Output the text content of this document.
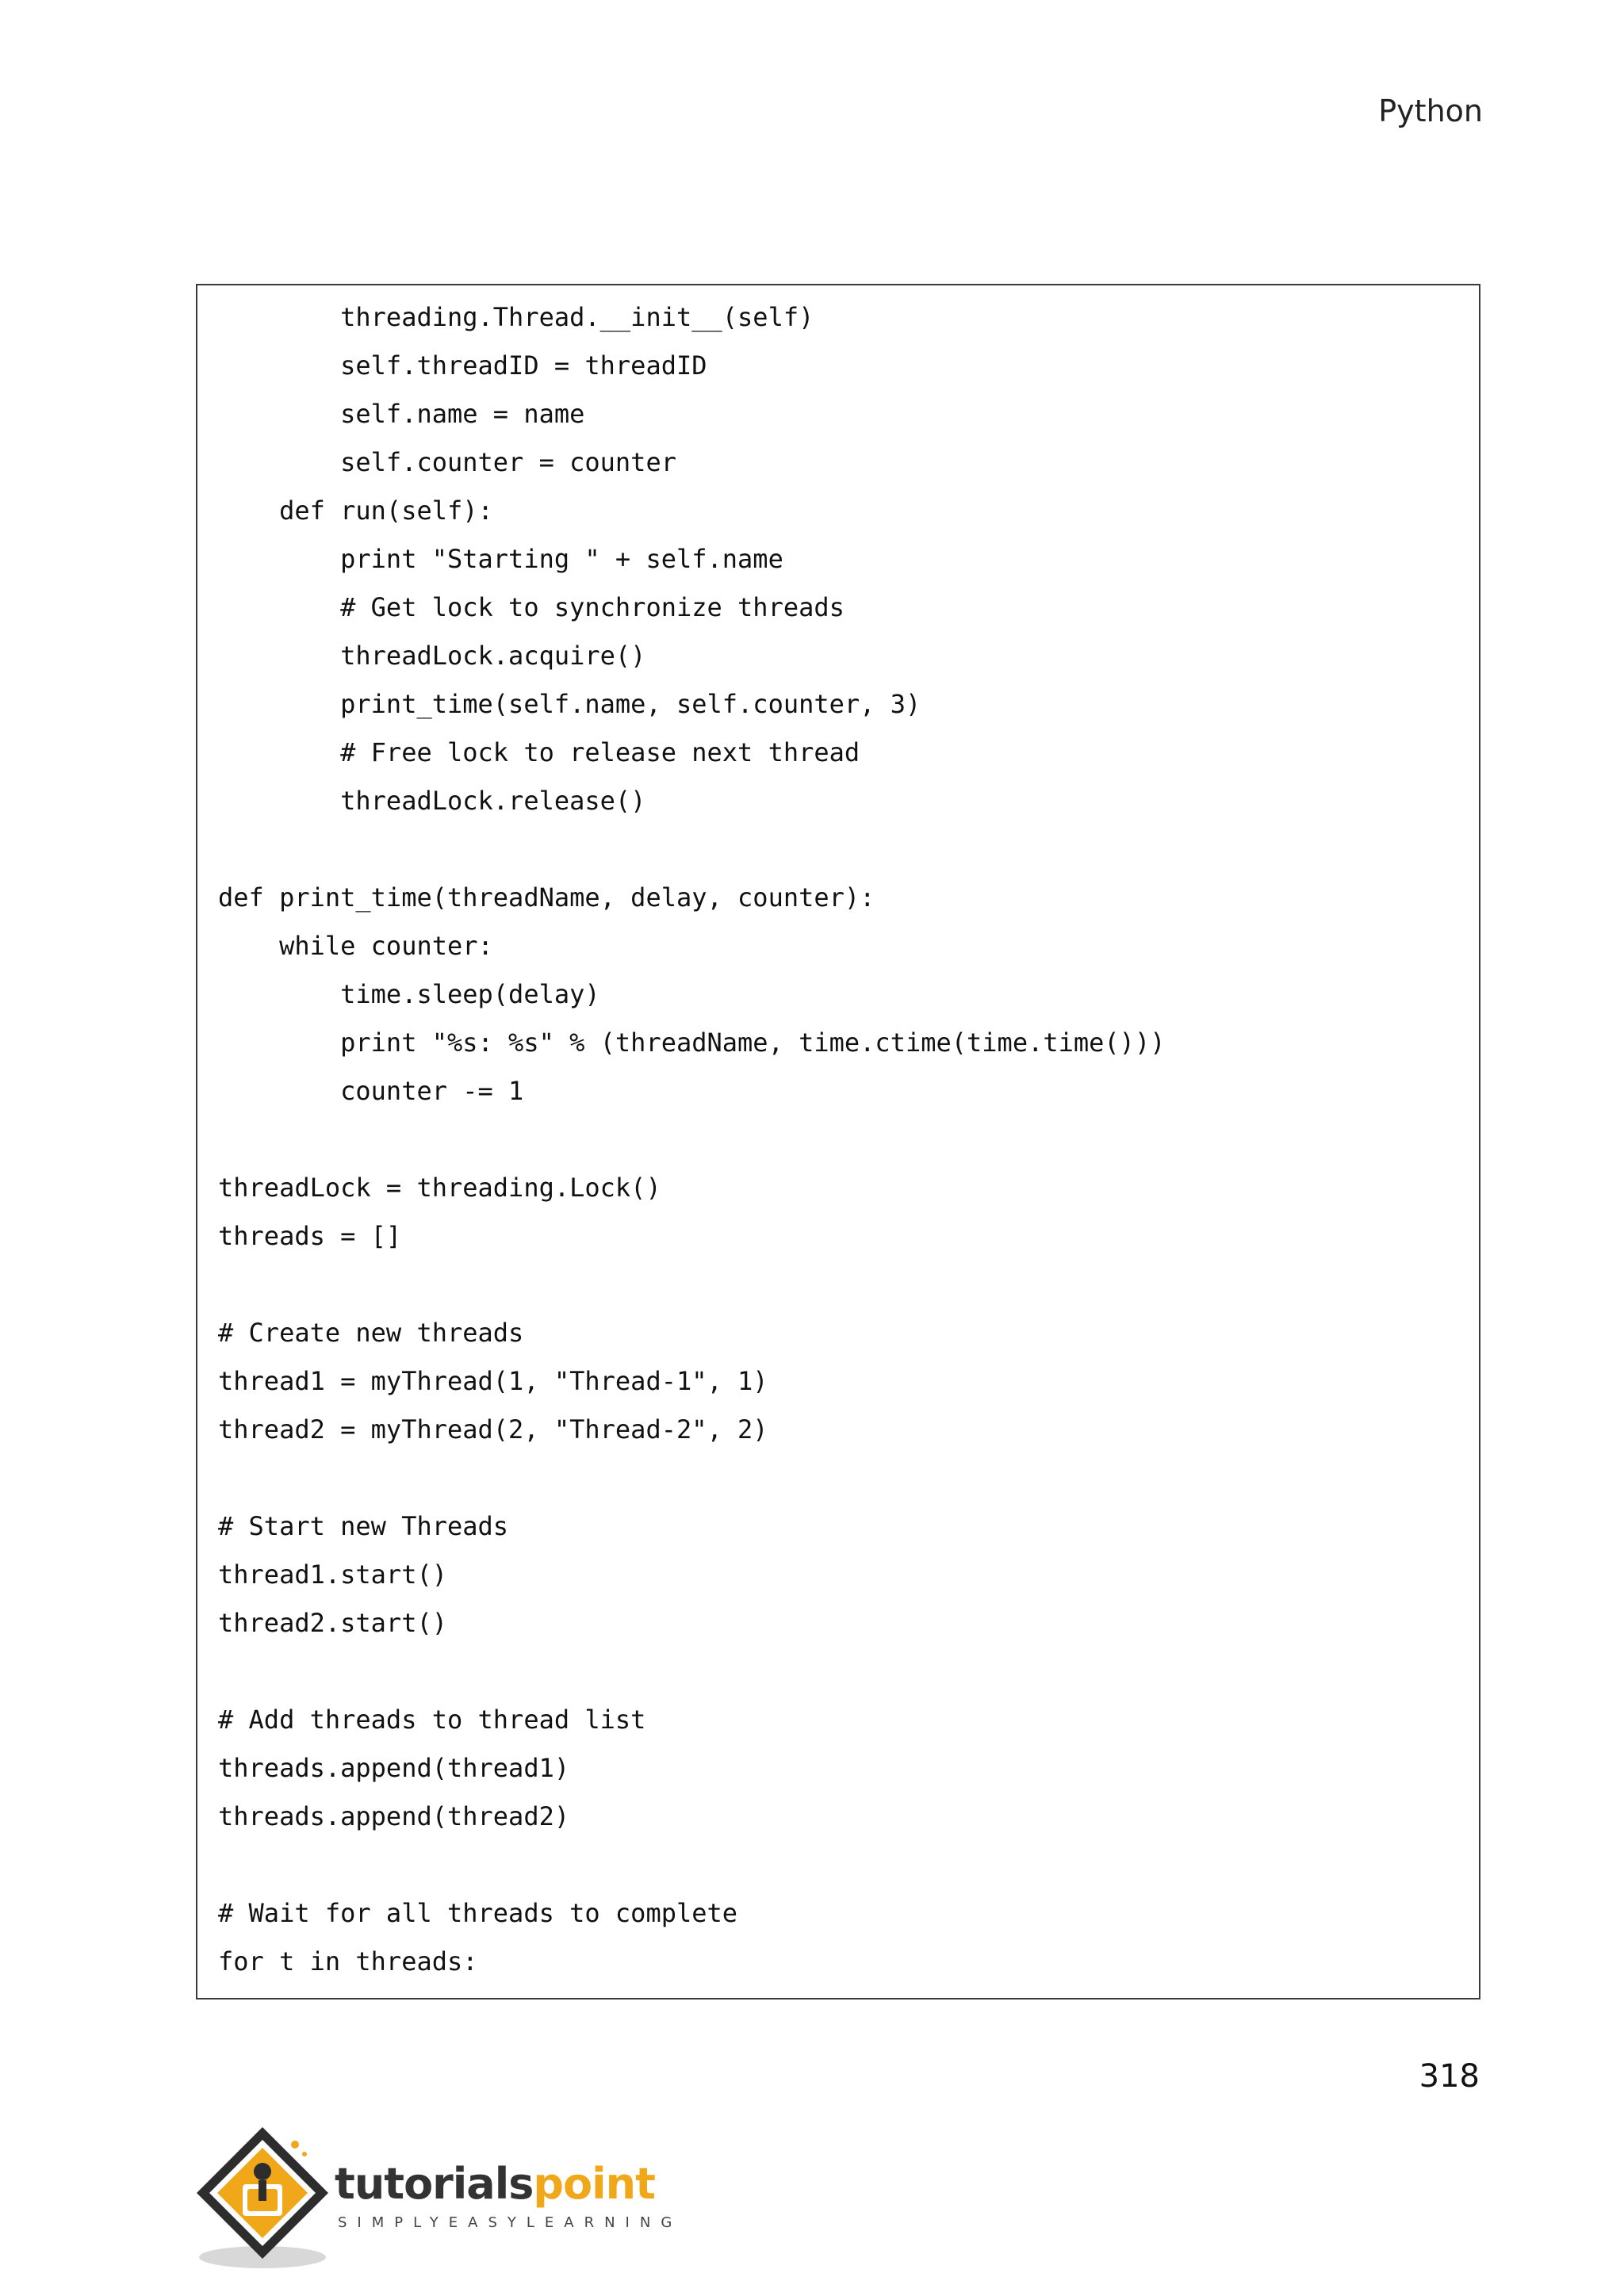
Python
threading.Thread.__init__(self)
self.threadID = threadID
self.name = name
self.counter = counter
def run(self):
print "Starting " + self.name
# Get lock to synchronize threads
threadLock.acquire()
print_time(self.name, self.counter, 3)
# Free lock to release next thread
threadLock.release()
def print_time(threadName, delay, counter):
while counter:
time.sleep(delay)
print "%s: %s" % (threadName, time.ctime(time.time()))
counter -= 1
threadLock = threading.Lock()
threads = []
# Create new threads
thread1 = myThread(1, "Thread-1", 1)
thread2 = myThread(2, "Thread-2", 2)
# Start new Threads
thread1.start()
thread2.start()
# Add threads to thread list
threads.append(thread1)
threads.append(thread2)
# Wait for all threads to complete
for t in threads:
318
tutorialspoint
SIMPLYEASYLEARNING
